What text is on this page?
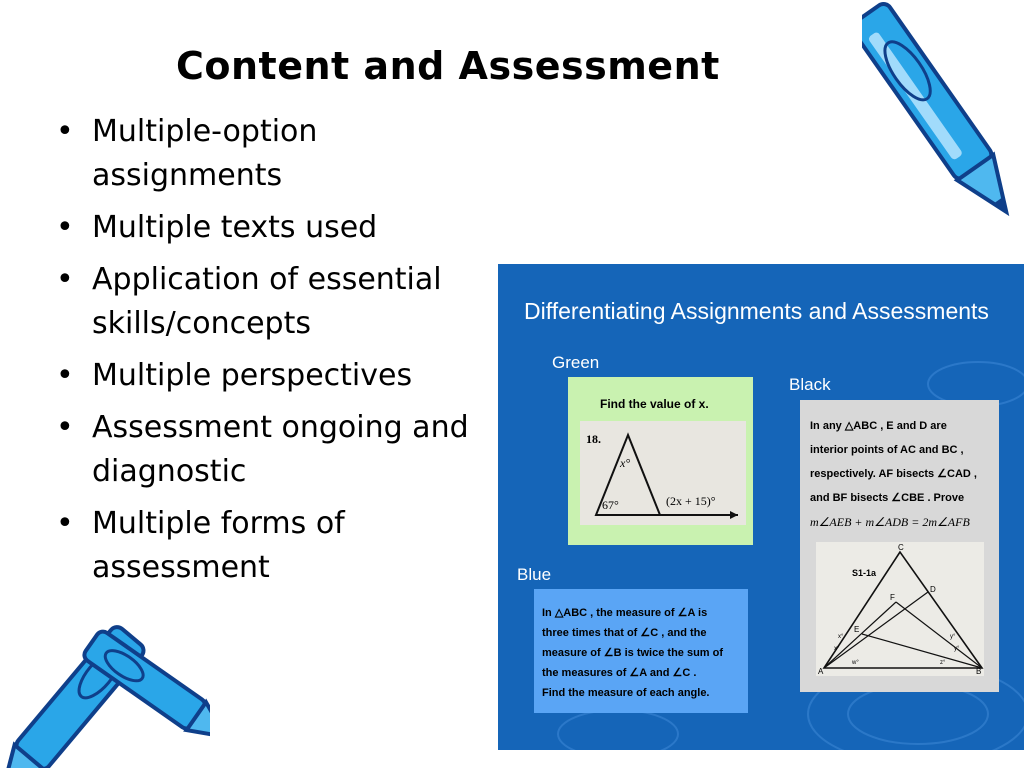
Content and Assessment
• Multiple-option assignments
• Multiple texts used
• Application of essential skills/concepts
• Multiple perspectives
• Assessment ongoing and diagnostic
• Multiple forms of assessment
Differentiating Assignments and Assessments
Green
Black
Blue
Find the value of x.
18.
x°
67°	(2x + 15)°
In any △ABC , E and D are
interior points of AC and BC ,
respectively. AF bisects ∠CAD ,
and BF bisects ∠CBE . Prove
m∠AEB + m∠ADB = 2m∠AFB
S1-1a
C
D
F
E
A	B
x°
x°
w°
y°
y°
z°
In △ABC , the measure of ∠A is
three times that of ∠C , and the
measure of ∠B is twice the sum of
the measures of ∠A and ∠C .
Find the measure of each angle.
